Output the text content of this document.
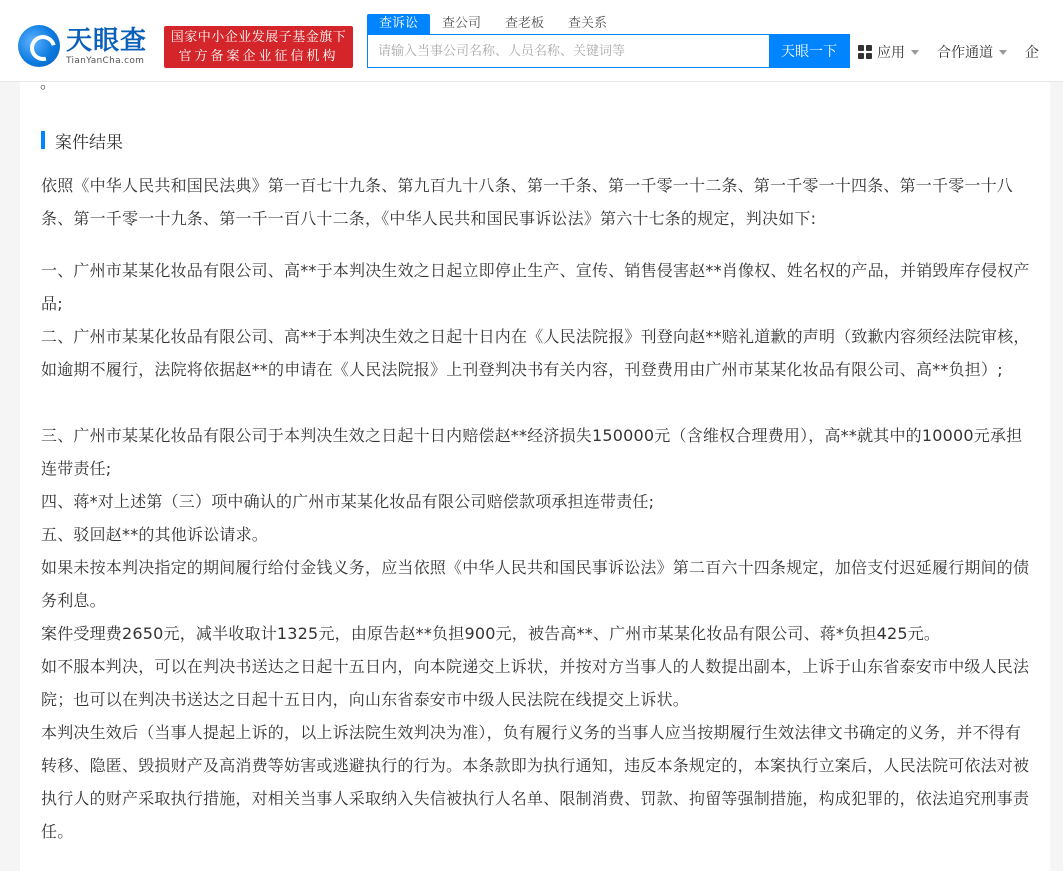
天眼查
TianYanCha.com
国家中小企业发展子基金旗下
官方备案企业征信机构
查诉讼	查公司	查老板	查关系
请输入当事公司名称、人员名称、关键词等
天眼一下	应用 合作通道 企
。
案件结果
依照《中华人民共和国民法典》第一百七十九条、第九百九十八条、第一千条、第一千零一十二条、第一千零一十四条、第一千零一十八条、第一千零一十九条、第一千一百八十二条，《中华人民共和国民事诉讼法》第六十七条的规定，判决如下:
一、广州市某某化妆品有限公司、高**于本判决生效之日起立即停止生产、宣传、销售侵害赵**肖像权、姓名权的产品，并销毁库存侵权产品;
二、广州市某某化妆品有限公司、高**于本判决生效之日起十日内在《人民法院报》刊登向赵**赔礼道歉的声明（致歉内容须经法院审核，如逾期不履行，法院将依据赵**的申请在《人民法院报》上刊登判决书有关内容，刊登费用由广州市某某化妆品有限公司、高**负担）;
三、广州市某某化妆品有限公司于本判决生效之日起十日内赔偿赵**经济损失150000元（含维权合理费用），高**就其中的10000元承担连带责任;
四、蒋*对上述第（三）项中确认的广州市某某化妆品有限公司赔偿款项承担连带责任;
五、驳回赵**的其他诉讼请求。
如果未按本判决指定的期间履行给付金钱义务，应当依照《中华人民共和国民事诉讼法》第二百六十四条规定，加倍支付迟延履行期间的债务利息。
案件受理费2650元，减半收取计1325元，由原告赵**负担900元，被告高**、广州市某某化妆品有限公司、蒋*负担425元。
如不服本判决，可以在判决书送达之日起十五日内，向本院递交上诉状，并按对方当事人的人数提出副本，上诉于山东省泰安市中级人民法院；也可以在判决书送达之日起十五日内，向山东省泰安市中级人民法院在线提交上诉状。
本判决生效后（当事人提起上诉的，以上诉法院生效判决为准），负有履行义务的当事人应当按期履行生效法律文书确定的义务，并不得有转移、隐匿、毁损财产及高消费等妨害或逃避执行的行为。本条款即为执行通知，违反本条规定的，本案执行立案后，人民法院可依法对被执行人的财产采取执行措施，对相关当事人采取纳入失信被执行人名单、限制消费、罚款、拘留等强制措施，构成犯罪的，依法追究刑事责任。
